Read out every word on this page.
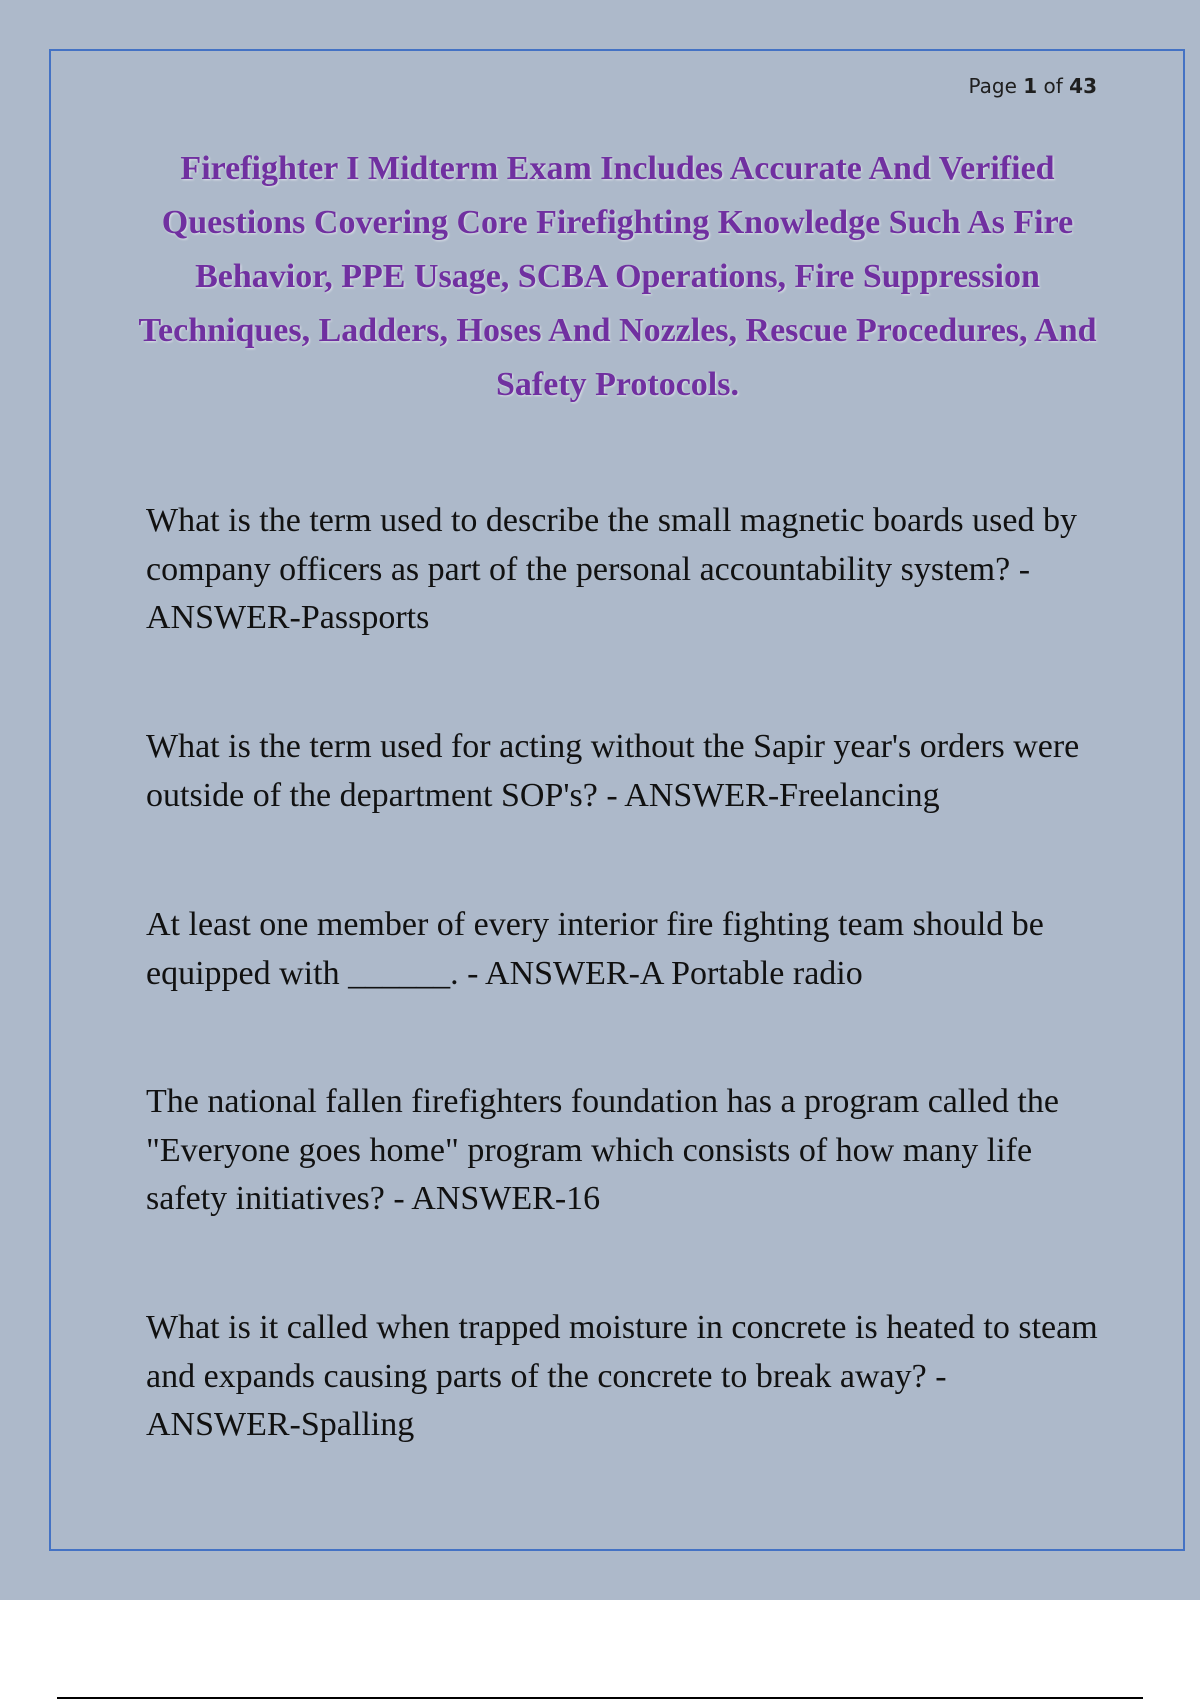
Page 1 of 43
Firefighter I Midterm Exam Includes Accurate And Verified Questions Covering Core Firefighting Knowledge Such As Fire Behavior, PPE Usage, SCBA Operations, Fire Suppression Techniques, Ladders, Hoses And Nozzles, Rescue Procedures, And Safety Protocols.
What is the term used to describe the small magnetic boards used by company officers as part of the personal accountability system? - ANSWER-Passports
What is the term used for acting without the Sapir year's orders were outside of the department SOP's? - ANSWER-Freelancing
At least one member of every interior fire fighting team should be equipped with ______. - ANSWER-A Portable radio
The national fallen firefighters foundation has a program called the "Everyone goes home" program which consists of how many life safety initiatives? - ANSWER-16
What is it called when trapped moisture in concrete is heated to steam and expands causing parts of the concrete to break away? - ANSWER-Spalling
